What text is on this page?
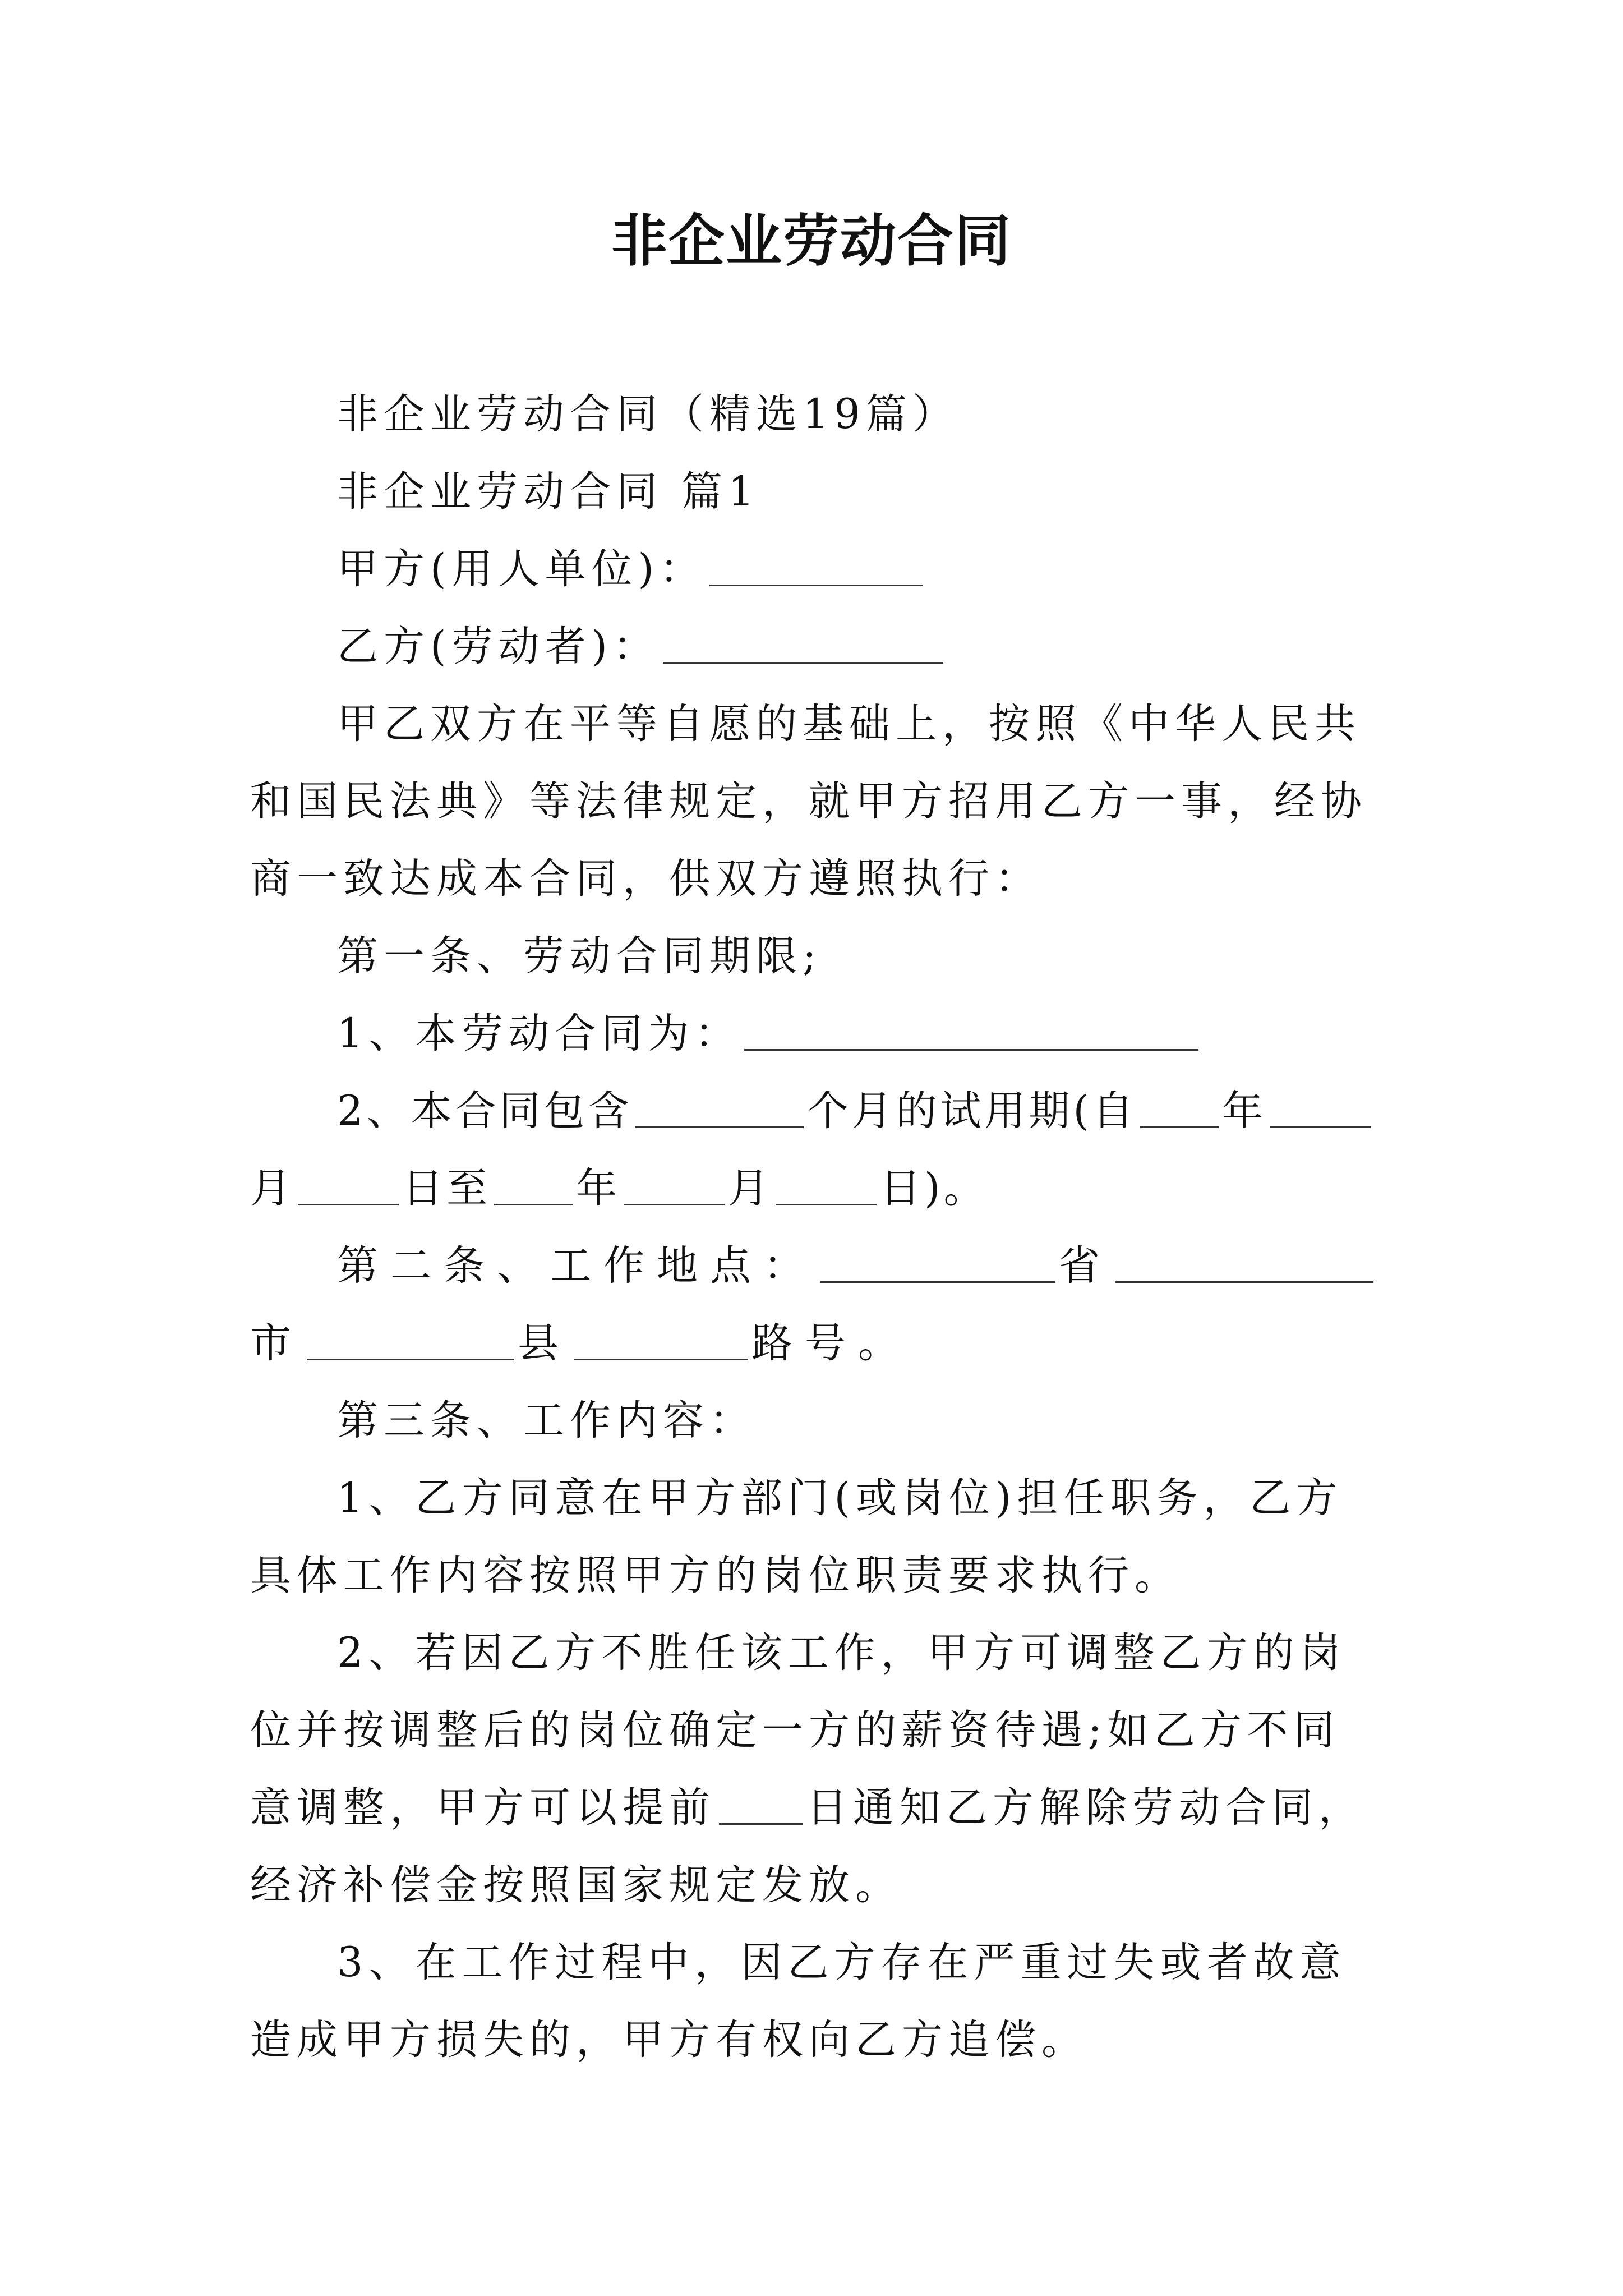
非企业劳动合同

非企业劳动合同（精选19篇）

非企业劳动合同 篇1

甲方(用人单位)：

乙方(劳动者)：

甲乙双方在平等自愿的基础上，按照《中华人民共和国民法典》等法律规定，就甲方招用乙方一事，经协商一致达成本合同，供双方遵照执行：

第一条、劳动合同期限;

1、本劳动合同为：

2、本合同包含	个月的试用期(自 年月	日至 年	月	日)。

第二条、工作地点：	省市	县	路号。

第三条、工作内容：

1、乙方同意在甲方部门(或岗位)担任职务，乙方具体工作内容按照甲方的岗位职责要求执行。

2、若因乙方不胜任该工作，甲方可调整乙方的岗位并按调整后的岗位确定一方的薪资待遇;如乙方不同意调整，甲方可以提前 日通知乙方解除劳动合同，经济补偿金按照国家规定发放。

3、在工作过程中，因乙方存在严重过失或者故意造成甲方损失的，甲方有权向乙方追偿。
